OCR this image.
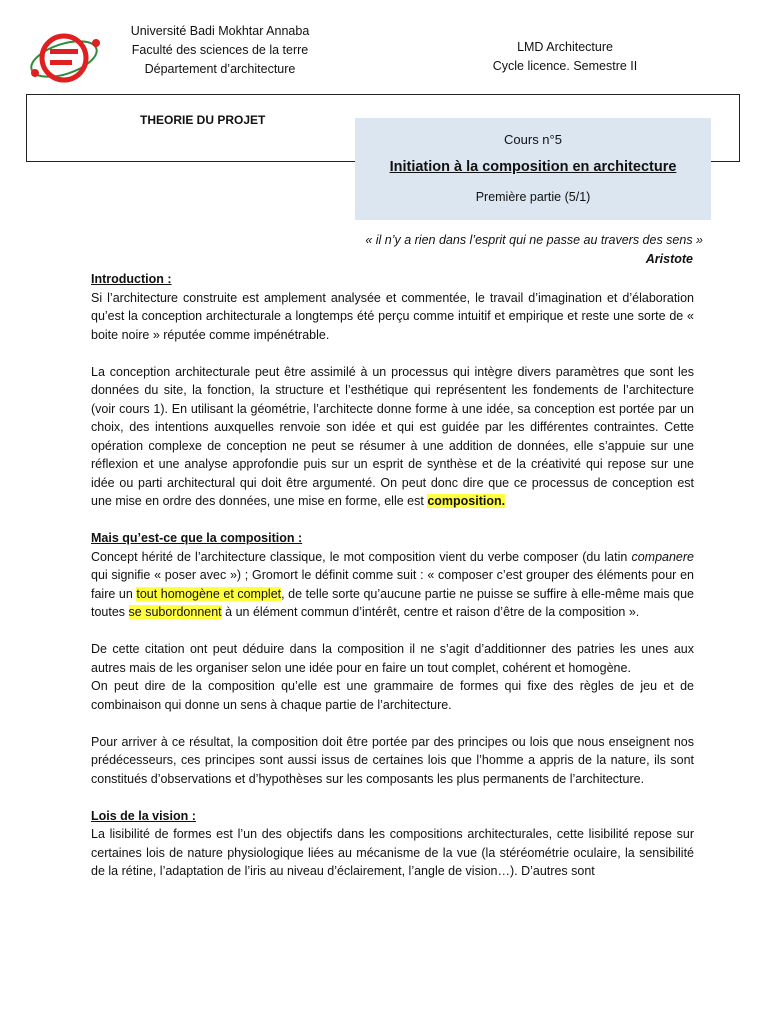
Université Badi Mokhtar Annaba
Faculté des sciences de la terre
Département d’architecture
LMD Architecture
Cycle licence. Semestre II
THEORIE DU PROJET
Cours n°5
Initiation à la composition en architecture
Première partie (5/1)
« il n’y a rien dans l’esprit qui ne passe au travers des sens »
Aristote

Introduction :

Si l’architecture construite est amplement analysée et commentée, le travail d’imagination et d’élaboration qu’est la conception architecturale a longtemps été perçu comme intuitif et empirique et reste une sorte de « boite noire » réputée comme impénétrable.

La conception architecturale peut être assimilé à un processus qui intègre divers paramètres que sont les données du site, la fonction, la structure et l’esthétique qui représentent les fondements de l’architecture (voir cours 1). En utilisant la géométrie, l’architecte donne forme à une idée, sa conception est portée par un choix, des intentions auxquelles renvoie son idée et qui est guidée par les différentes contraintes. Cette opération complexe de conception ne peut se résumer à une addition de données, elle s’appuie sur une réflexion et une analyse approfondie puis sur un esprit de synthèse et de la créativité qui repose sur une idée ou parti architectural qui doit être argumenté. On peut donc dire que ce processus de conception est une mise en ordre des données, une mise en forme, elle est composition.

Mais qu’est-ce que la composition :

Concept hérité de l’architecture classique, le mot composition vient du verbe composer (du latin companere qui signifie « poser avec ») ; Gromort le définit comme suit : « composer c’est grouper des éléments pour en faire un tout homogène et complet, de telle sorte qu’aucune partie ne puisse se suffire à elle-même mais que toutes se subordonnent à un élément commun d’intérêt, centre et raison d’être de la composition ».

De cette citation ont peut déduire dans la composition il ne s’agit d’additionner des patries les unes aux autres mais de les organiser selon une idée pour en faire un tout complet, cohérent et homogène.

On peut dire de la composition qu’elle est une grammaire de formes qui fixe des règles de jeu et de combinaison qui donne un sens à chaque partie de l’architecture.

Pour arriver à ce résultat, la composition doit être portée par des principes ou lois que nous enseignent nos prédécesseurs, ces principes sont aussi issus de certaines lois que l’homme a appris de la nature, ils sont constitués d’observations et d’hypothèses sur les composants les plus permanents de l’architecture.

Lois de la vision :

La lisibilité de formes est l’un des objectifs dans les compositions architecturales, cette lisibilité repose sur certaines lois de nature physiologique liées au mécanisme de la vue (la stéréométrie oculaire, la sensibilité de la rétine, l’adaptation de l’iris au niveau d’éclairement, l’angle de vision…). D’autres sont
